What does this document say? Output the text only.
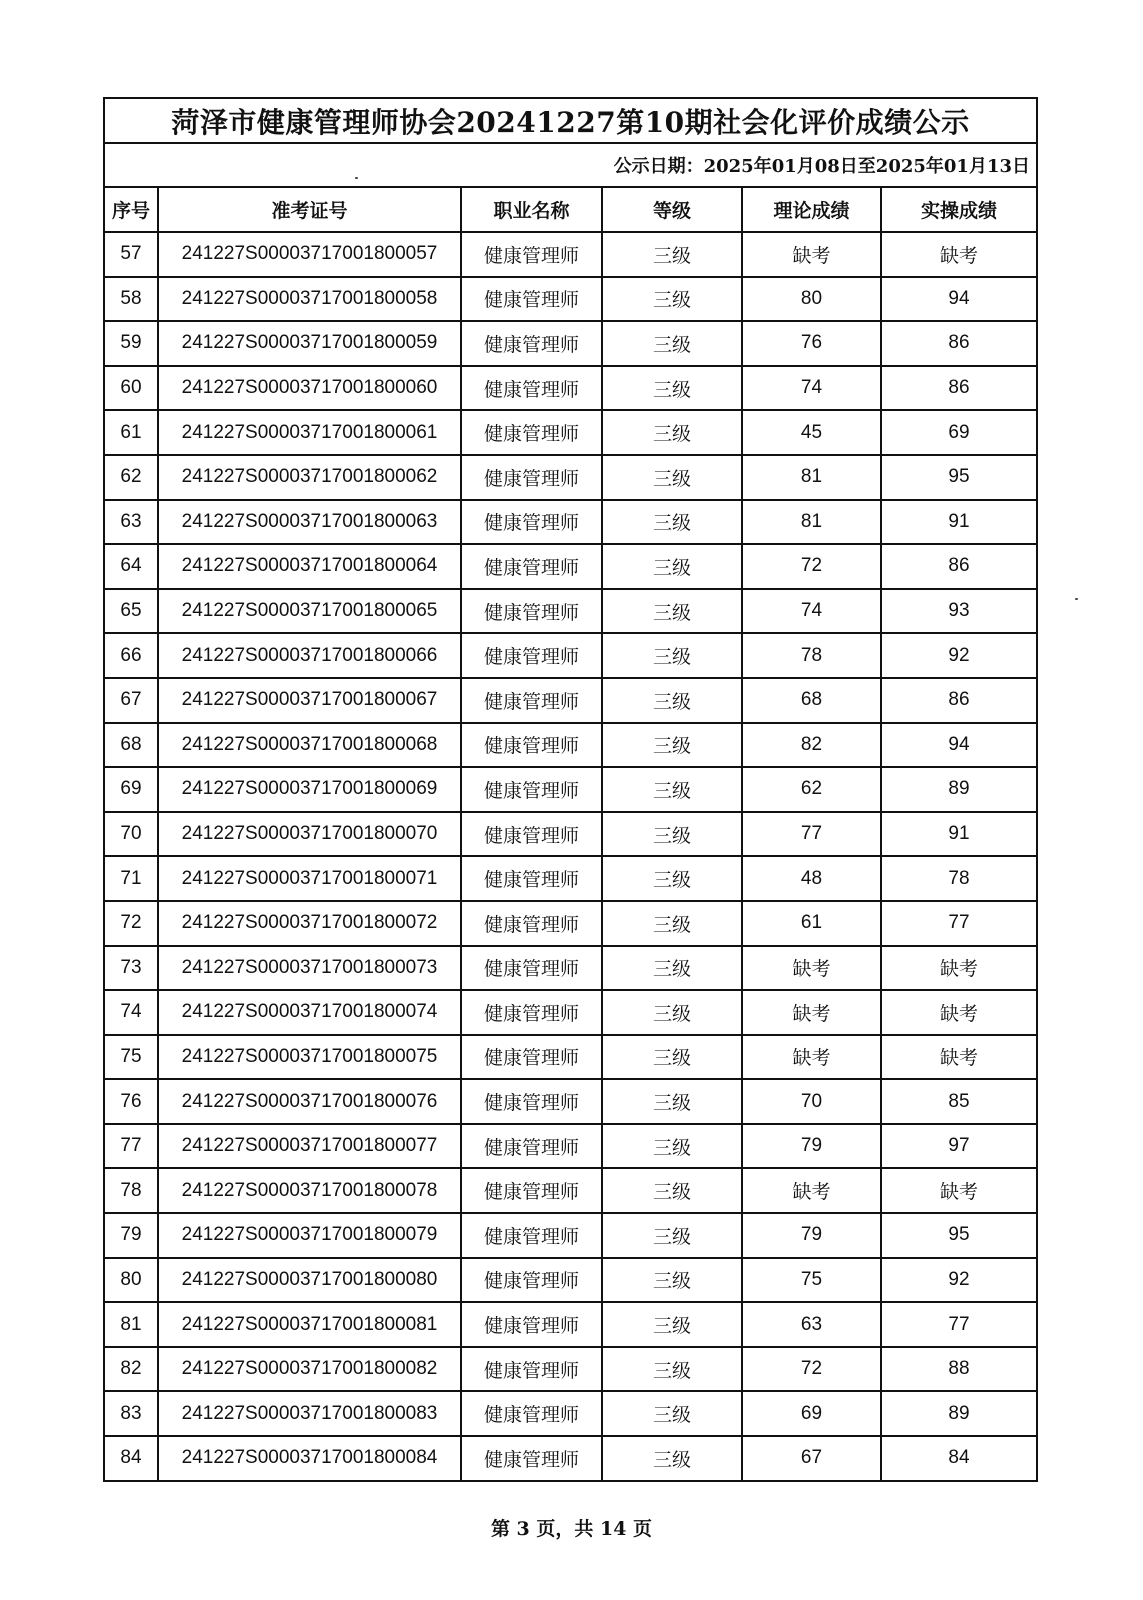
菏泽市健康管理师协会20241227第10期社会化评价成绩公示
公示日期：2025年01月08日至2025年01月13日
序号	准考证号	职业名称	等级	理论成绩	实操成绩
57	241227S00003717001800057	健康管理师	三级	缺考	缺考
58	241227S00003717001800058	健康管理师	三级	80	94
59	241227S00003717001800059	健康管理师	三级	76	86
60	241227S00003717001800060	健康管理师	三级	74	86
61	241227S00003717001800061	健康管理师	三级	45	69
62	241227S00003717001800062	健康管理师	三级	81	95
63	241227S00003717001800063	健康管理师	三级	81	91
64	241227S00003717001800064	健康管理师	三级	72	86
65	241227S00003717001800065	健康管理师	三级	74	93
66	241227S00003717001800066	健康管理师	三级	78	92
67	241227S00003717001800067	健康管理师	三级	68	86
68	241227S00003717001800068	健康管理师	三级	82	94
69	241227S00003717001800069	健康管理师	三级	62	89
70	241227S00003717001800070	健康管理师	三级	77	91
71	241227S00003717001800071	健康管理师	三级	48	78
72	241227S00003717001800072	健康管理师	三级	61	77
73	241227S00003717001800073	健康管理师	三级	缺考	缺考
74	241227S00003717001800074	健康管理师	三级	缺考	缺考
75	241227S00003717001800075	健康管理师	三级	缺考	缺考
76	241227S00003717001800076	健康管理师	三级	70	85
77	241227S00003717001800077	健康管理师	三级	79	97
78	241227S00003717001800078	健康管理师	三级	缺考	缺考
79	241227S00003717001800079	健康管理师	三级	79	95
80	241227S00003717001800080	健康管理师	三级	75	92
81	241227S00003717001800081	健康管理师	三级	63	77
82	241227S00003717001800082	健康管理师	三级	72	88
83	241227S00003717001800083	健康管理师	三级	69	89
84	241227S00003717001800084	健康管理师	三级	67	84
第 3 页，共 14 页
